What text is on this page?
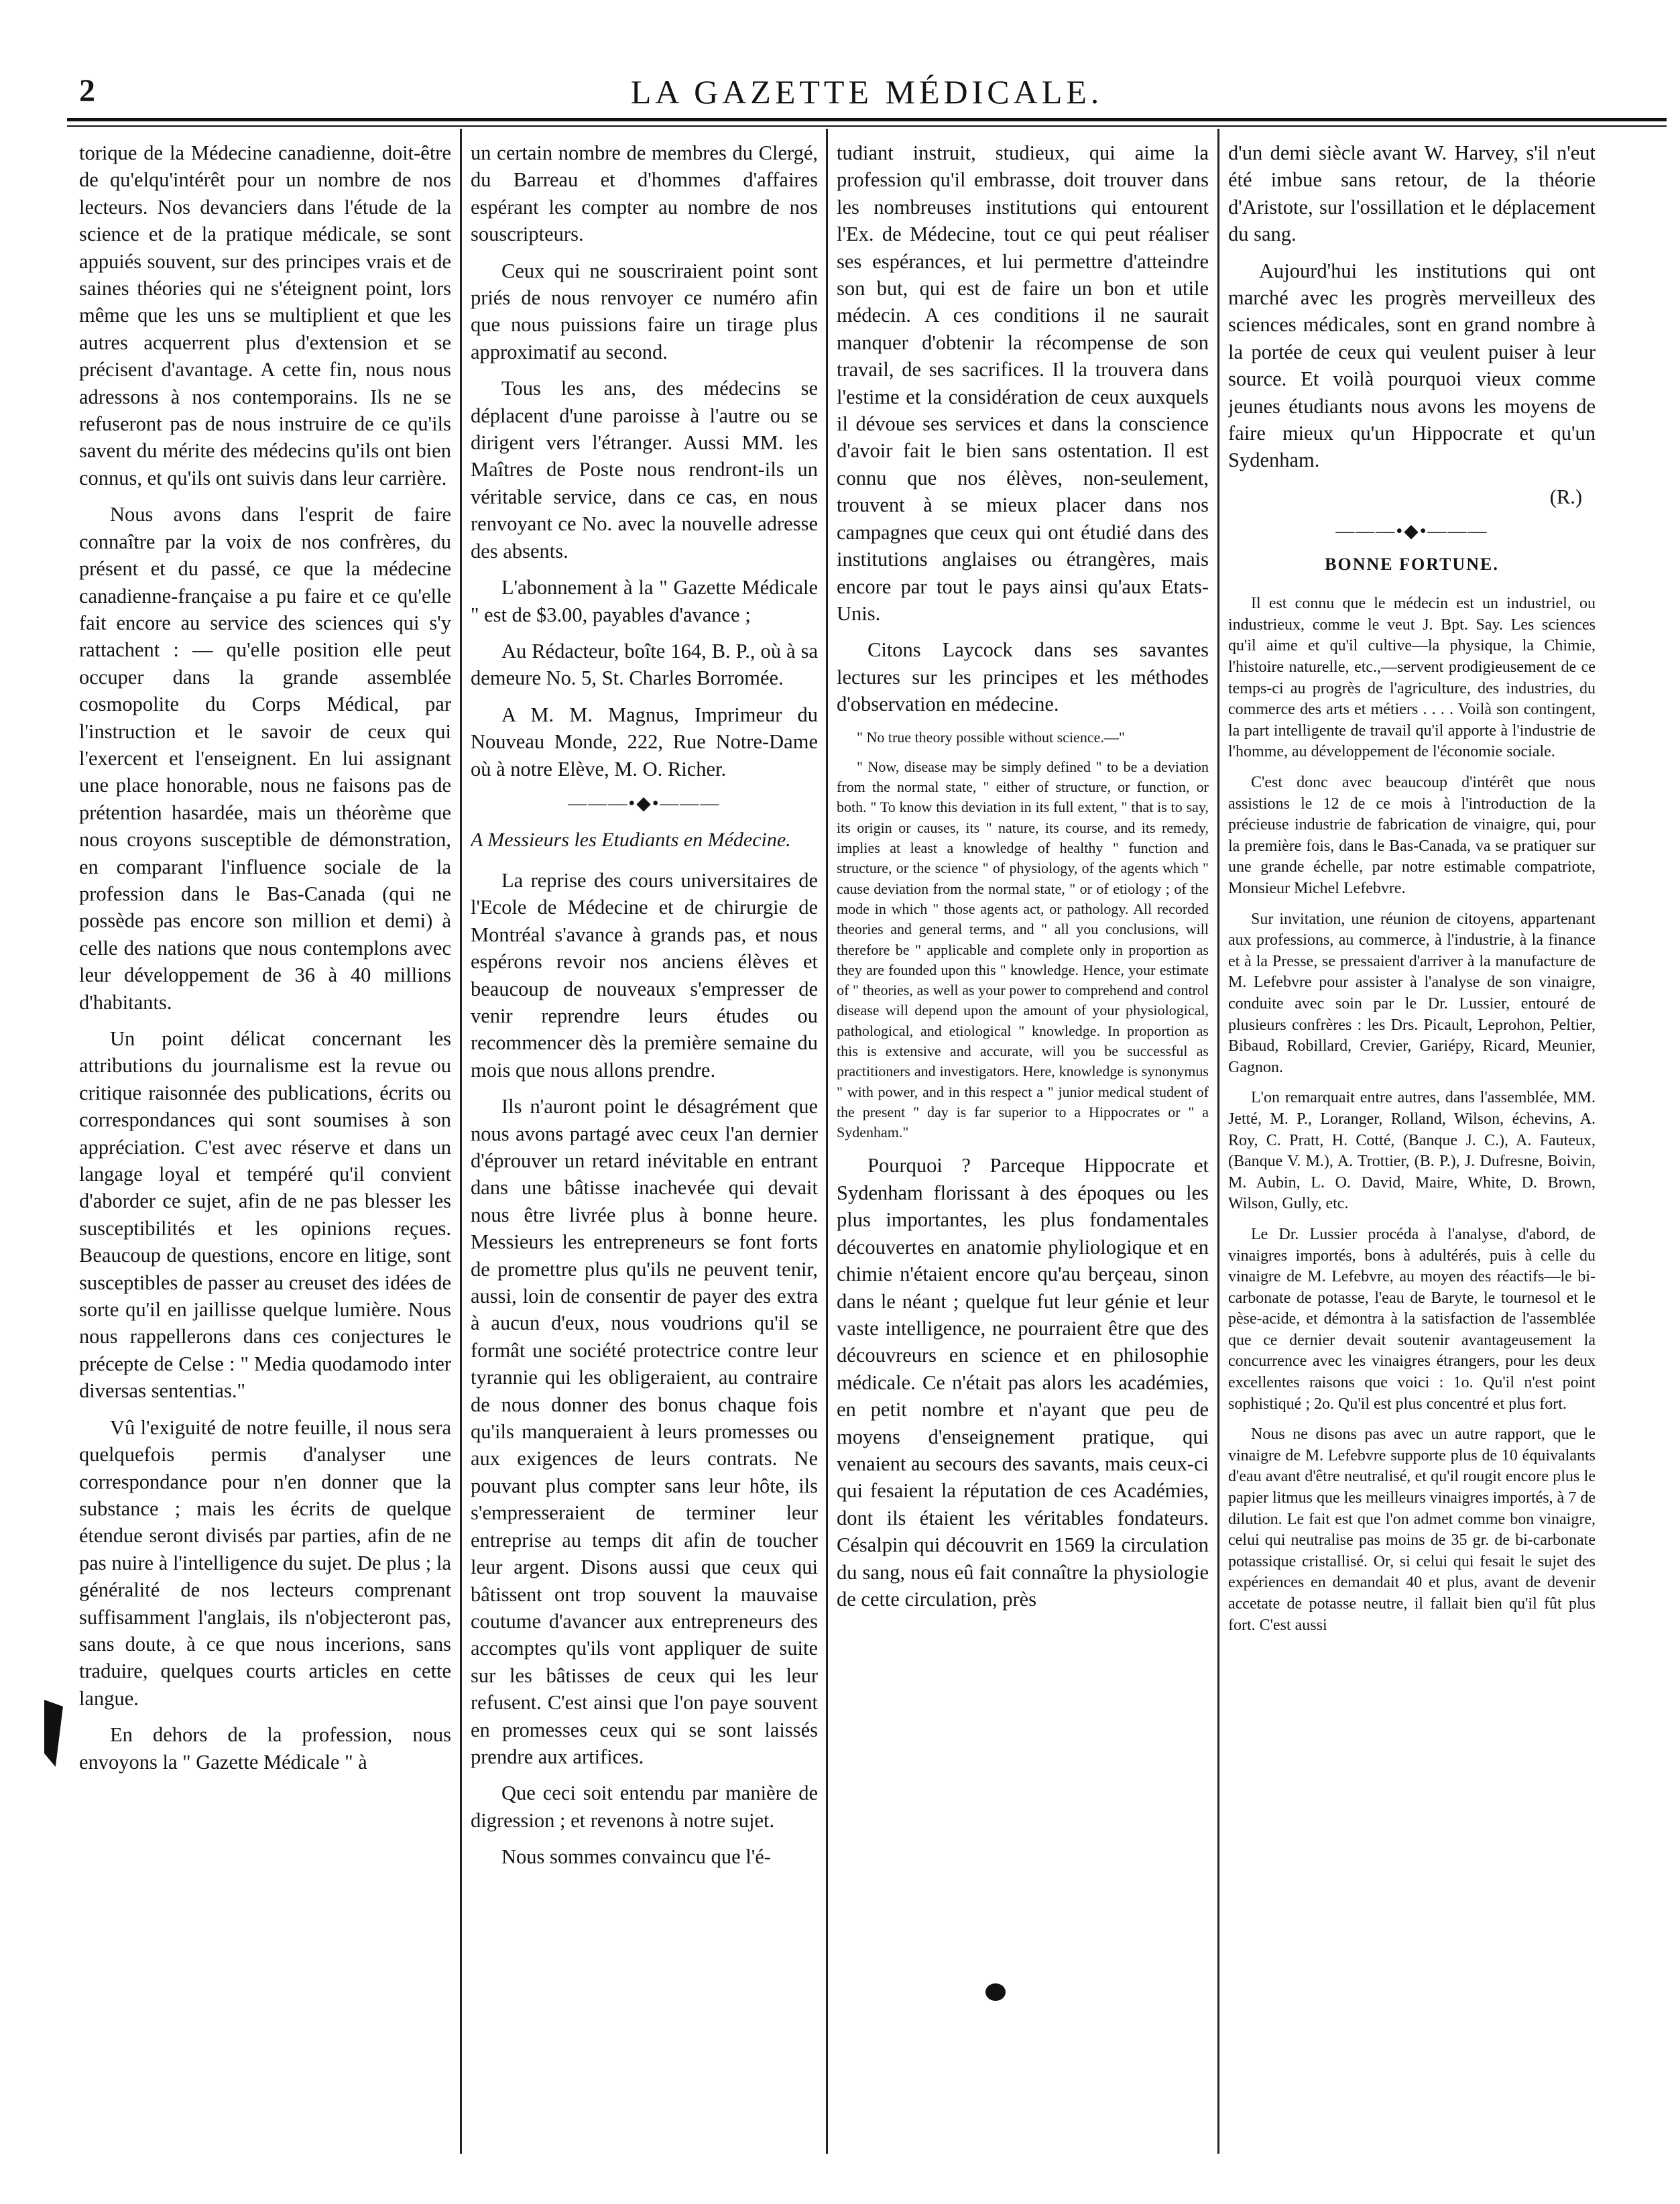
2	LA GAZETTE MÉDICALE.

torique de la Médecine canadienne, doit-être de qu'elqu'intérêt pour un nombre de nos lecteurs. Nos devanciers dans l'étude de la science et de la pratique médicale, se sont appuiés souvent, sur des principes vrais et de saines théories qui ne s'éteignent point, lors même que les uns se multiplient et que les autres acquerrent plus d'extension et se précisent d'avantage. A cette fin, nous nous adressons à nos contemporains. Ils ne se refuseront pas de nous instruire de ce qu'ils savent du mérite des médecins qu'ils ont bien connus, et qu'ils ont suivis dans leur carrière.

Nous avons dans l'esprit de faire connaître par la voix de nos confrères, du présent et du passé, ce que la médecine canadienne-française a pu faire et ce qu'elle fait encore au service des sciences qui s'y rattachent : — qu'elle position elle peut occuper dans la grande assemblée cosmopolite du Corps Médical, par l'instruction et le savoir de ceux qui l'exercent et l'enseignent. En lui assignant une place honorable, nous ne faisons pas de prétention hasardée, mais un théorème que nous croyons susceptible de démonstration, en comparant l'influence sociale de la profession dans le Bas-Canada (qui ne possède pas encore son million et demi) à celle des nations que nous contemplons avec leur développement de 36 à 40 millions d'habitants.

Un point délicat concernant les attributions du journalisme est la revue ou critique raisonnée des publications, écrits ou correspondances qui sont soumises à son appréciation. C'est avec réserve et dans un langage loyal et tempéré qu'il convient d'aborder ce sujet, afin de ne pas blesser les susceptibilités et les opinions reçues. Beaucoup de questions, encore en litige, sont susceptibles de passer au creuset des idées de sorte qu'il en jaillisse quelque lumière. Nous nous rappellerons dans ces conjectures le précepte de Celse : " Media quodamodo inter diversas sententias."

Vû l'exiguité de notre feuille, il nous sera quelquefois permis d'analyser une correspondance pour n'en donner que la substance ; mais les écrits de quelque étendue seront divisés par parties, afin de ne pas nuire à l'intelligence du sujet. De plus ; la généralité de nos lecteurs comprenant suffisamment l'anglais, ils n'objecteront pas, sans doute, à ce que nous incerions, sans traduire, quelques courts articles en cette langue.

En dehors de la profession, nous envoyons la " Gazette Médicale " à

un certain nombre de membres du Clergé, du Barreau et d'hommes d'affaires espérant les compter au nombre de nos souscripteurs.

Ceux qui ne souscriraient point sont priés de nous renvoyer ce numéro afin que nous puissions faire un tirage plus approximatif au second.

Tous les ans, des médecins se déplacent d'une paroisse à l'autre ou se dirigent vers l'étranger. Aussi MM. les Maîtres de Poste nous rendront-ils un véritable service, dans ce cas, en nous renvoyant ce No. avec la nouvelle adresse des absents.

L'abonnement à la " Gazette Médicale " est de $3.00, payables d'avance ;

Au Rédacteur, boîte 164, B. P., où à sa demeure No. 5, St. Charles Borromée.

A M. M. Magnus, Imprimeur du Nouveau Monde, 222, Rue Notre-Dame où à notre Elève, M. O. Richer.

———•◆•———
A Messieurs les Etudiants en Médecine.

La reprise des cours universitaires de l'Ecole de Médecine et de chirurgie de Montréal s'avance à grands pas, et nous espérons revoir nos anciens élèves et beaucoup de nouveaux s'empresser de venir reprendre leurs études ou recommencer dès la première semaine du mois que nous allons prendre.

Ils n'auront point le désagrément que nous avons partagé avec ceux l'an dernier d'éprouver un retard inévitable en entrant dans une bâtisse inachevée qui devait nous être livrée plus à bonne heure. Messieurs les entrepreneurs se font forts de promettre plus qu'ils ne peuvent tenir, aussi, loin de consentir de payer des extra à aucun d'eux, nous voudrions qu'il se formât une société protectrice contre leur tyrannie qui les obligeraient, au contraire de nous donner des bonus chaque fois qu'ils manqueraient à leurs promesses ou aux exigences de leurs contrats. Ne pouvant plus compter sans leur hôte, ils s'empresseraient de terminer leur entreprise au temps dit afin de toucher leur argent. Disons aussi que ceux qui bâtissent ont trop souvent la mauvaise coutume d'avancer aux entrepreneurs des accomptes qu'ils vont appliquer de suite sur les bâtisses de ceux qui les leur refusent. C'est ainsi que l'on paye souvent en promesses ceux qui se sont laissés prendre aux artifices.

Que ceci soit entendu par manière de digression ; et revenons à notre sujet.

Nous sommes convaincu que l'é-

tudiant instruit, studieux, qui aime la profession qu'il embrasse, doit trouver dans les nombreuses institutions qui entourent l'Ex. de Médecine, tout ce qui peut réaliser ses espérances, et lui permettre d'atteindre son but, qui est de faire un bon et utile médecin. A ces conditions il ne saurait manquer d'obtenir la récompense de son travail, de ses sacrifices. Il la trouvera dans l'estime et la considération de ceux auxquels il dévoue ses services et dans la conscience d'avoir fait le bien sans ostentation. Il est connu que nos élèves, non-seulement, trouvent à se mieux placer dans nos campagnes que ceux qui ont étudié dans des institutions anglaises ou étrangères, mais encore par tout le pays ainsi qu'aux Etats-Unis.

Citons Laycock dans ses savantes lectures sur les principes et les méthodes d'observation en médecine.

" No true theory possible without science.—"

" Now, disease may be simply defined " to be a deviation from the normal state, " either of structure, or function, or both. " To know this deviation in its full extent, " that is to say, its origin or causes, its " nature, its course, and its remedy, implies at least a knowledge of healthy " function and structure, or the science " of physiology, of the agents which " cause deviation from the normal state, " or of etiology ; of the mode in which " those agents act, or pathology. All recorded theories and general terms, and " all you conclusions, will therefore be " applicable and complete only in proportion as they are founded upon this " knowledge. Hence, your estimate of " theories, as well as your power to comprehend and control disease will depend upon the amount of your physiological, pathological, and etiological " knowledge. In proportion as this is extensive and accurate, will you be successful as practitioners and investigators. Here, knowledge is synonymus " with power, and in this respect a " junior medical student of the present " day is far superior to a Hippocrates or " a Sydenham."

Pourquoi ? Parceque Hippocrate et Sydenham florissant à des époques ou les plus importantes, les plus fondamentales découvertes en anatomie phyliologique et en chimie n'étaient encore qu'au berçeau, sinon dans le néant ; quelque fut leur génie et leur vaste intelligence, ne pourraient être que des découvreurs en science et en philosophie médicale. Ce n'était pas alors les académies, en petit nombre et n'ayant que peu de moyens d'enseignement pratique, qui venaient au secours des savants, mais ceux-ci qui fesaient la réputation de ces Académies, dont ils étaient les véritables fondateurs. Césalpin qui découvrit en 1569 la circulation du sang, nous eû fait connaître la physiologie de cette circulation, près

d'un demi siècle avant W. Harvey, s'il n'eut été imbue sans retour, de la théorie d'Aristote, sur l'ossillation et le déplacement du sang.

Aujourd'hui les institutions qui ont marché avec les progrès merveilleux des sciences médicales, sont en grand nombre à la portée de ceux qui veulent puiser à leur source. Et voilà pourquoi vieux comme jeunes étudiants nous avons les moyens de faire mieux qu'un Hippocrate et qu'un Sydenham.

(R.)

———•◆•———
BONNE FORTUNE.

Il est connu que le médecin est un industriel, ou industrieux, comme le veut J. Bpt. Say. Les sciences qu'il aime et qu'il cultive—la physique, la Chimie, l'histoire naturelle, etc.,—servent prodigieusement de ce temps-ci au progrès de l'agriculture, des industries, du commerce des arts et métiers . . . . Voilà son contingent, la part intelligente de travail qu'il apporte à l'industrie de l'homme, au développement de l'économie sociale.

C'est donc avec beaucoup d'intérêt que nous assistions le 12 de ce mois à l'introduction de la précieuse industrie de fabrication de vinaigre, qui, pour la première fois, dans le Bas-Canada, va se pratiquer sur une grande échelle, par notre estimable compatriote, Monsieur Michel Lefebvre.

Sur invitation, une réunion de citoyens, appartenant aux professions, au commerce, à l'industrie, à la finance et à la Presse, se pressaient d'arriver à la manufacture de M. Lefebvre pour assister à l'analyse de son vinaigre, conduite avec soin par le Dr. Lussier, entouré de plusieurs confrères : les Drs. Picault, Leprohon, Peltier, Bibaud, Robillard, Crevier, Gariépy, Ricard, Meunier, Gagnon.

L'on remarquait entre autres, dans l'assemblée, MM. Jetté, M. P., Loranger, Rolland, Wilson, échevins, A. Roy, C. Pratt, H. Cotté, (Banque J. C.), A. Fauteux, (Banque V. M.), A. Trottier, (B. P.), J. Dufresne, Boivin, M. Aubin, L. O. David, Maire, White, D. Brown, Wilson, Gully, etc.

Le Dr. Lussier procéda à l'analyse, d'abord, de vinaigres importés, bons à adultérés, puis à celle du vinaigre de M. Lefebvre, au moyen des réactifs—le bi-carbonate de potasse, l'eau de Baryte, le tournesol et le pèse-acide, et démontra à la satisfaction de l'assemblée que ce dernier devait soutenir avantageusement la concurrence avec les vinaigres étrangers, pour les deux excellentes raisons que voici : 1o. Qu'il n'est point sophistiqué ; 2o. Qu'il est plus concentré et plus fort.

Nous ne disons pas avec un autre rapport, que le vinaigre de M. Lefebvre supporte plus de 10 équivalants d'eau avant d'être neutralisé, et qu'il rougit encore plus le papier litmus que les meilleurs vinaigres importés, à 7 de dilution. Le fait est que l'on admet comme bon vinaigre, celui qui neutralise pas moins de 35 gr. de bi-carbonate potassique cristallisé. Or, si celui qui fesait le sujet des expériences en demandait 40 et plus, avant de devenir accetate de potasse neutre, il fallait bien qu'il fût plus fort. C'est aussi
